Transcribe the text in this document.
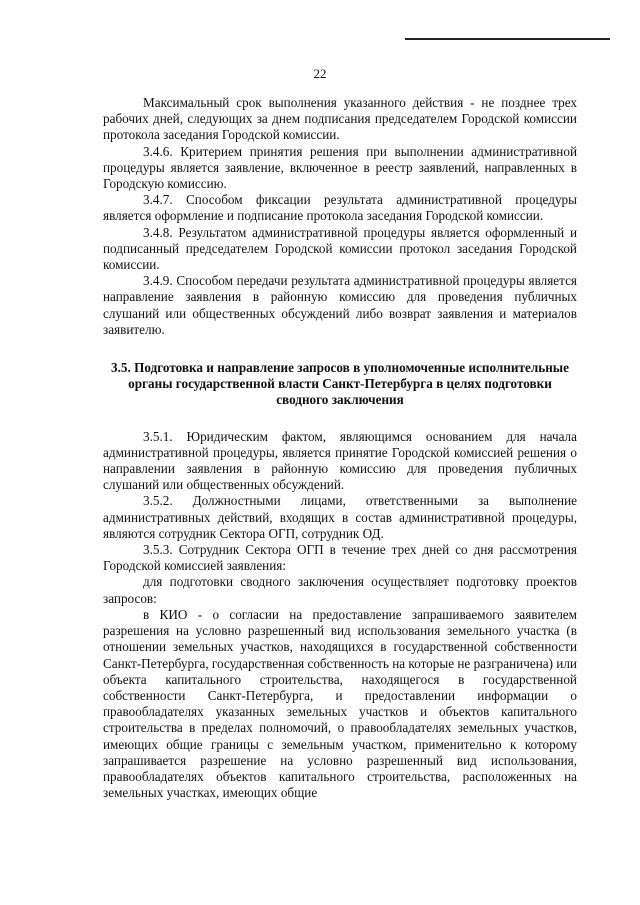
22

Максимальный срок выполнения указанного действия - не позднее трех рабочих дней, следующих за днем подписания председателем Городской комиссии протокола заседания Городской комиссии.

3.4.6. Критерием принятия решения при выполнении административной процедуры является заявление, включенное в реестр заявлений, направленных в Городскую комиссию.

3.4.7. Способом фиксации результата административной процедуры является оформление и подписание протокола заседания Городской комиссии.

3.4.8. Результатом административной процедуры является оформленный и подписанный председателем Городской комиссии протокол заседания Городской комиссии.

3.4.9. Способом передачи результата административной процедуры является направление заявления в районную комиссию для проведения публичных слушаний или общественных обсуждений либо возврат заявления и материалов заявителю.

3.5. Подготовка и направление запросов в уполномоченные исполнительные органы государственной власти Санкт-Петербурга в целях подготовки сводного заключения

3.5.1. Юридическим фактом, являющимся основанием для начала административной процедуры, является принятие Городской комиссией решения о направлении заявления в районную комиссию для проведения публичных слушаний или общественных обсуждений.

3.5.2. Должностными лицами, ответственными за выполнение административных действий, входящих в состав административной процедуры, являются сотрудник Сектора ОГП, сотрудник ОД.

3.5.3. Сотрудник Сектора ОГП в течение трех дней со дня рассмотрения Городской комиссией заявления:

для подготовки сводного заключения осуществляет подготовку проектов запросов:

в КИО - о согласии на предоставление запрашиваемого заявителем разрешения на условно разрешенный вид использования земельного участка (в отношении земельных участков, находящихся в государственной собственности Санкт-Петербурга, государственная собственность на которые не разграничена) или объекта капитального строительства, находящегося в государственной собственности Санкт-Петербурга, и предоставлении информации о правообладателях указанных земельных участков и объектов капитального строительства в пределах полномочий, о правообладателях земельных участков, имеющих общие границы с земельным участком, применительно к которому запрашивается разрешение на условно разрешенный вид использования, правообладателях объектов капитального строительства, расположенных на земельных участках, имеющих общие
